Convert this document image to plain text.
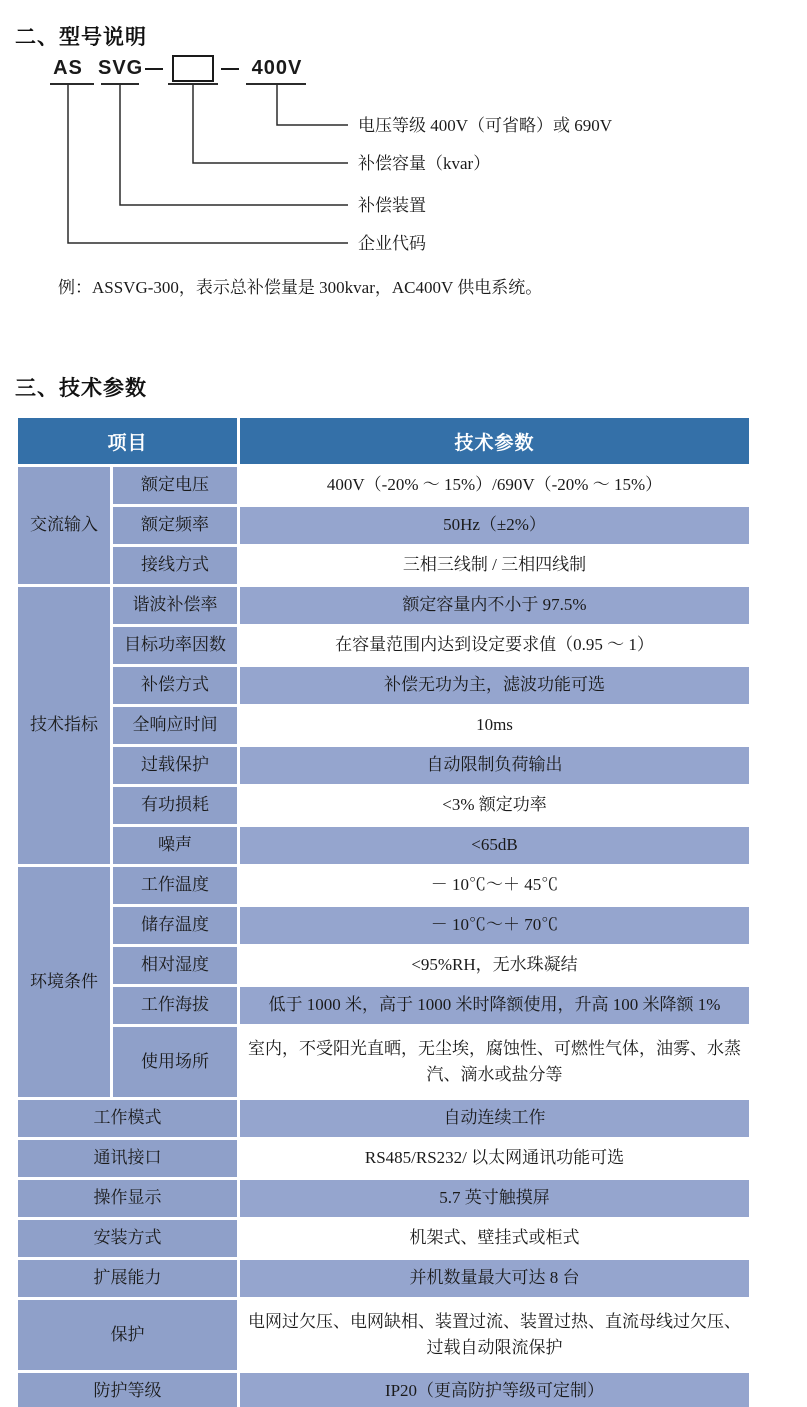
二、型号说明
AS SVG	400V
电压等级 400V（可省略）或 690V
补偿容量（kvar）
补偿装置
企业代码
例：ASSVG-300，表示总补偿量是 300kvar，AC400V 供电系统。
三、技术参数
项目		技术参数
交流输入	额定电压	400V（-20% ～ 15%）/690V（-20% ～ 15%）
	额定频率	50Hz（±2%）
	接线方式	三相三线制 / 三相四线制
技术指标	谐波补偿率	额定容量内不小于 97.5%
	目标功率因数	在容量范围内达到设定要求值（0.95 ～ 1）
	补偿方式	补偿无功为主，滤波功能可选
	全响应时间	10ms
	过载保护	自动限制负荷输出
	有功损耗	<3% 额定功率
	噪声	<65dB
环境条件	工作温度	－ 10℃～＋ 45℃
	储存温度	－ 10℃～＋ 70℃
	相对湿度	<95%RH，无水珠凝结
	工作海拔	低于 1000 米，高于 1000 米时降额使用，升高 100 米降额 1%
	使用场所	室内，不受阳光直晒，无尘埃，腐蚀性、可燃性气体，油雾、水蒸汽、滴水或盐分等
工作模式		自动连续工作
通讯接口		RS485/RS232/ 以太网通讯功能可选
操作显示		5.7 英寸触摸屏
安装方式		机架式、壁挂式或柜式
扩展能力		并机数量最大可达 8 台
保护		电网过欠压、电网缺相、装置过流、装置过热、直流母线过欠压、过载自动限流保护
防护等级		IP20（更高防护等级可定制）
